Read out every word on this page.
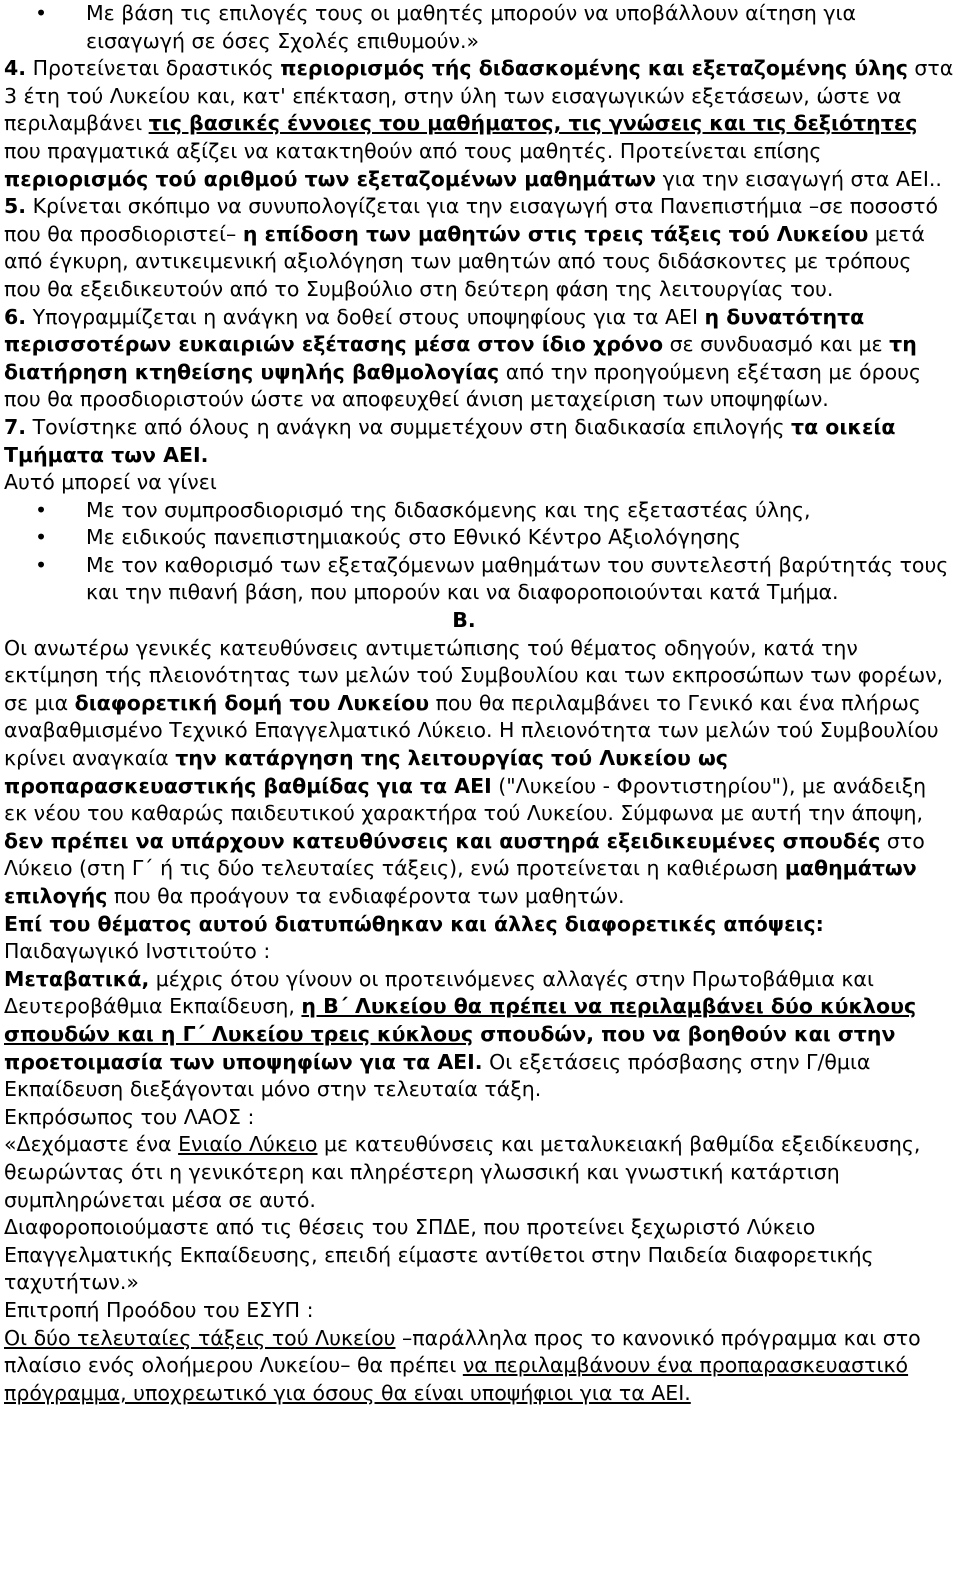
• Με βάση τις επιλογές τους οι μαθητές μπορούν να υποβάλλουν αίτηση για εισαγωγή σε όσες Σχολές επιθυμούν.»

4. Προτείνεται δραστικός περιορισμός τής διδασκομένης και εξεταζομένης ύλης στα 3 έτη τού Λυκείου και, κατ' επέκταση, στην ύλη των εισαγωγικών εξετάσεων, ώστε να περιλαμβάνει τις βασικές έννοιες του μαθήματος, τις γνώσεις και τις δεξιότητες που πραγματικά αξίζει να κατακτηθούν από τους μαθητές. Προτείνεται επίσης περιορισμός τού αριθμού των εξεταζομένων μαθημάτων για την εισαγωγή στα ΑΕΙ..

5. Κρίνεται σκόπιμο να συνυπολογίζεται για την εισαγωγή στα Πανεπιστήμια –σε ποσοστό που θα προσδιοριστεί– η επίδοση των μαθητών στις τρεις τάξεις τού Λυκείου μετά από έγκυρη, αντικειμενική αξιολόγηση των μαθητών από τους διδάσκοντες με τρόπους που θα εξειδικευτούν από το Συμβούλιο στη δεύτερη φάση της λειτουργίας του.

6. Υπογραμμίζεται η ανάγκη να δοθεί στους υποψηφίους για τα ΑΕΙ η δυνατότητα περισσοτέρων ευκαιριών εξέτασης μέσα στον ίδιο χρόνο σε συνδυασμό και με τη διατήρηση κτηθείσης υψηλής βαθμολογίας από την προηγούμενη εξέταση με όρους που θα προσδιοριστούν ώστε να αποφευχθεί άνιση μεταχείριση των υποψηφίων.

7. Τονίστηκε από όλους η ανάγκη να συμμετέχουν στη διαδικασία επιλογής τα οικεία Τμήματα των ΑΕΙ.

Αυτό μπορεί να γίνει

• Με τον συμπροσδιορισμό της διδασκόμενης και της εξεταστέας ύλης,

• Με ειδικούς πανεπιστημιακούς στο Εθνικό Κέντρο Αξιολόγησης

• Με τον καθορισμό των εξεταζόμενων μαθημάτων του συντελεστή βαρύτητάς τους και την πιθανή βάση, που μπορούν και να διαφοροποιούνται κατά Τμήμα.

Β.

Οι ανωτέρω γενικές κατευθύνσεις αντιμετώπισης τού θέματος οδηγούν, κατά την εκτίμηση τής πλειονότητας των μελών τού Συμβουλίου και των εκπροσώπων των φορέων, σε μια διαφορετική δομή του Λυκείου που θα περιλαμβάνει το Γενικό και ένα πλήρως αναβαθμισμένο Τεχνικό Επαγγελματικό Λύκειο. Η πλειονότητα των μελών τού Συμβουλίου κρίνει αναγκαία την κατάργηση της λειτουργίας τού Λυκείου ως προπαρασκευαστικής βαθμίδας για τα ΑΕΙ ("Λυκείου - Φροντιστηρίου"), με ανάδειξη εκ νέου του καθαρώς παιδευτικού χαρακτήρα τού Λυκείου. Σύμφωνα με αυτή την άποψη, δεν πρέπει να υπάρχουν κατευθύνσεις και αυστηρά εξειδικευμένες σπουδές στο Λύκειο (στη Γ΄ ή τις δύο τελευταίες τάξεις), ενώ προτείνεται η καθιέρωση μαθημάτων επιλογής που θα προάγουν τα ενδιαφέροντα των μαθητών.

Επί του θέματος αυτού διατυπώθηκαν και άλλες διαφορετικές απόψεις:

Παιδαγωγικό Ινστιτούτο :

Μεταβατικά, μέχρις ότου γίνουν οι προτεινόμενες αλλαγές στην Πρωτοβάθμια και Δευτεροβάθμια Εκπαίδευση, η Β΄ Λυκείου θα πρέπει να περιλαμβάνει δύο κύκλους σπουδών και η Γ΄ Λυκείου τρεις κύκλους σπουδών, που να βοηθούν και στην προετοιμασία των υποψηφίων για τα ΑΕΙ. Οι εξετάσεις πρόσβασης στην Γ/θμια Εκπαίδευση διεξάγονται μόνο στην τελευταία τάξη.

Εκπρόσωπος του ΛΑΟΣ :

«Δεχόμαστε ένα Ενιαίο Λύκειο με κατευθύνσεις και μεταλυκειακή βαθμίδα εξειδίκευσης, θεωρώντας ότι η γενικότερη και πληρέστερη γλωσσική και γνωστική κατάρτιση συμπληρώνεται μέσα σε αυτό.

Διαφοροποιούμαστε από τις θέσεις του ΣΠΔΕ, που προτείνει ξεχωριστό Λύκειο Επαγγελματικής Εκπαίδευσης, επειδή είμαστε αντίθετοι στην Παιδεία διαφορετικής ταχυτήτων.»

Επιτροπή Προόδου του ΕΣΥΠ :

Οι δύο τελευταίες τάξεις τού Λυκείου –παράλληλα προς το κανονικό πρόγραμμα και στο πλαίσιο ενός ολοήμερου Λυκείου– θα πρέπει να περιλαμβάνουν ένα προπαρασκευαστικό πρόγραμμα, υποχρεωτικό για όσους θα είναι υποψήφιοι για τα ΑΕΙ.
